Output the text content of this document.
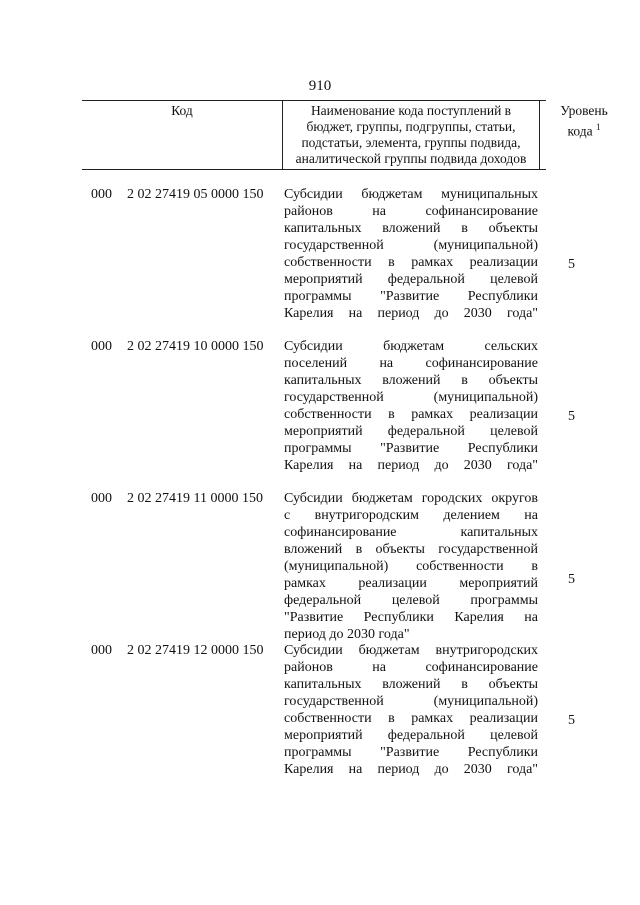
910
Код	Наименование кода поступлений в
бюджет, группы, подгруппы, статьи,
подстатьи, элемента, группы подвида,
аналитической группы подвида доходов
Уровень
кода $^1$
000 2 02 27419 05 0000 150 Субсидии бюджетам муниципальных
районов на софинансирование
капитальных вложений в объекты
государственной (муниципальной)
собственности в рамках реализации
мероприятий федеральной целевой
программы "Развитие Республики
Карелия на период до 2030 года"
5
000 2 02 27419 10 0000 150 Субсидии бюджетам сельских
поселений на софинансирование
капитальных вложений в объекты
государственной (муниципальной)
собственности в рамках реализации
мероприятий федеральной целевой
программы "Развитие Республики
Карелия на период до 2030 года"
5
000 2 02 27419 11 0000 150 Субсидии бюджетам городских округов
с внутригородским делением на
софинансирование капитальных
вложений в объекты государственной
(муниципальной) собственности в
рамках реализации мероприятий
федеральной целевой программы
"Развитие Республики Карелия на
период до 2030 года"
5
000 2 02 27419 12 0000 150 Субсидии бюджетам внутригородских
районов на софинансирование
капитальных вложений в объекты
государственной (муниципальной)
собственности в рамках реализации
мероприятий федеральной целевой
программы "Развитие Республики
Карелия на период до 2030 года"
5
